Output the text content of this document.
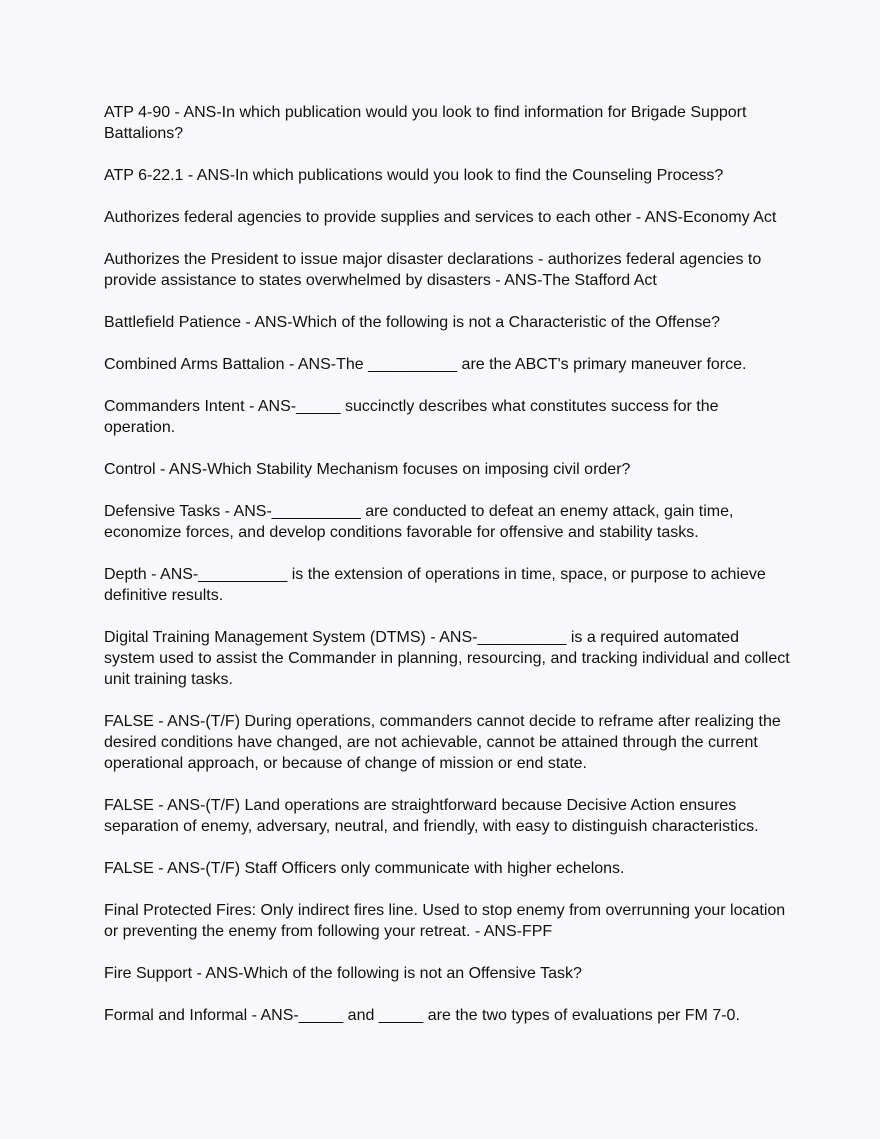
ATP 4-90 - ANS-In which publication would you look to find information for Brigade Support Battalions?

ATP 6-22.1 - ANS-In which publications would you look to find the Counseling Process?

Authorizes federal agencies to provide supplies and services to each other - ANS-Economy Act

Authorizes the President to issue major disaster declarations - authorizes federal agencies to provide assistance to states overwhelmed by disasters - ANS-The Stafford Act

Battlefield Patience - ANS-Which of the following is not a Characteristic of the Offense?

Combined Arms Battalion - ANS-The __________ are the ABCT's primary maneuver force.

Commanders Intent - ANS-_____ succinctly describes what constitutes success for the operation.

Control - ANS-Which Stability Mechanism focuses on imposing civil order?

Defensive Tasks - ANS-__________ are conducted to defeat an enemy attack, gain time, economize forces, and develop conditions favorable for offensive and stability tasks.

Depth - ANS-__________ is the extension of operations in time, space, or purpose to achieve definitive results.

Digital Training Management System (DTMS) - ANS-__________ is a required automated system used to assist the Commander in planning, resourcing, and tracking individual and collect unit training tasks.

FALSE - ANS-(T/F) During operations, commanders cannot decide to reframe after realizing the desired conditions have changed, are not achievable, cannot be attained through the current operational approach, or because of change of mission or end state.

FALSE - ANS-(T/F) Land operations are straightforward because Decisive Action ensures separation of enemy, adversary, neutral, and friendly, with easy to distinguish characteristics.

FALSE - ANS-(T/F) Staff Officers only communicate with higher echelons.

Final Protected Fires: Only indirect fires line. Used to stop enemy from overrunning your location or preventing the enemy from following your retreat. - ANS-FPF

Fire Support - ANS-Which of the following is not an Offensive Task?

Formal and Informal - ANS-_____ and _____ are the two types of evaluations per FM 7-0.
